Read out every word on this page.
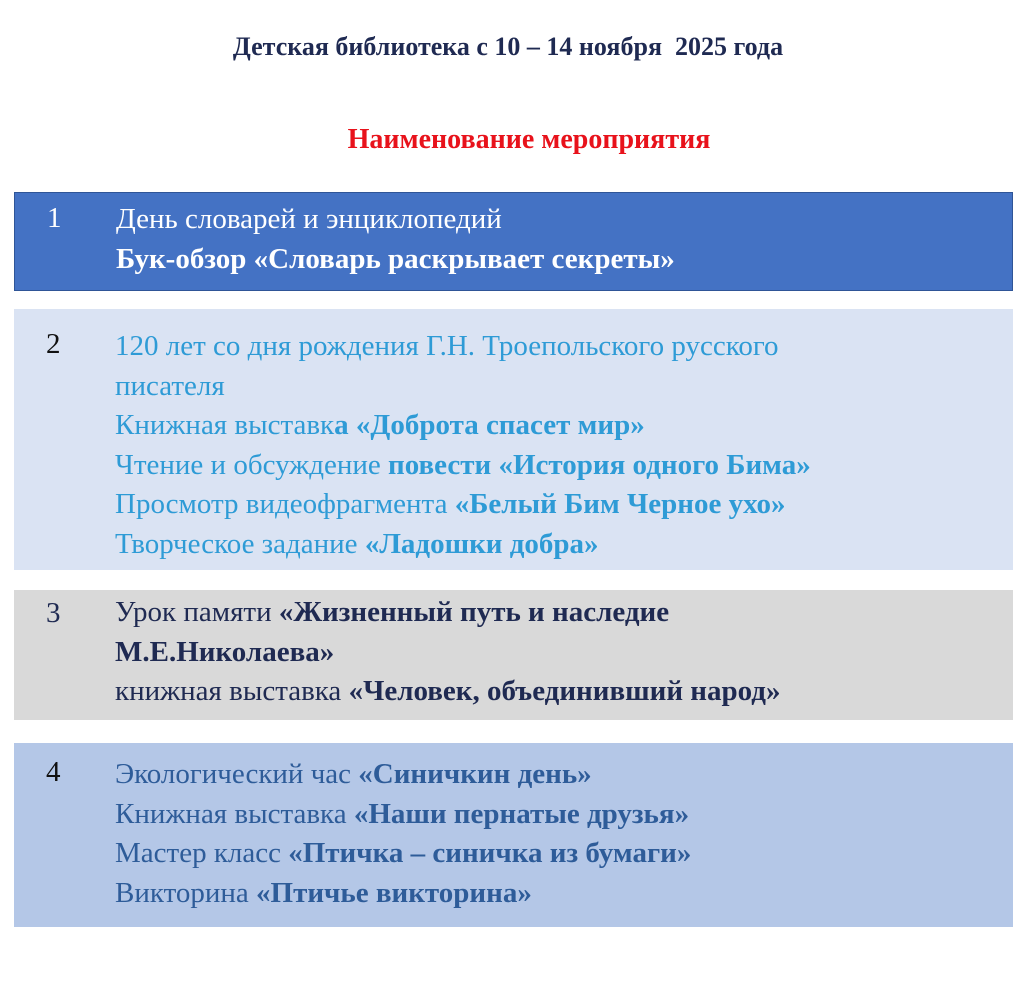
Детская библиотека с 10 – 14 ноября  2025 года
Наименование мероприятия
1 День словарей и энциклопедий
Бук-обзор «Словарь раскрывает секреты»
2 120 лет со дня рождения Г.Н. Троепольского русского
писателя
Книжная выставка «Доброта спасет мир»
Чтение и обсуждение повести «История одного Бима»
Просмотр видеофрагмента «Белый Бим Черное ухо»
Творческое задание «Ладошки добра»
3 Урок памяти «Жизненный путь и наследие
М.Е.Николаева»
книжная выставка «Человек, объединивший народ»
4 Экологический час «Синичкин день»
Книжная выставка «Наши пернатые друзья»
Мастер класс «Птичка – синичка из бумаги»
Викторина «Птичье викторина»
